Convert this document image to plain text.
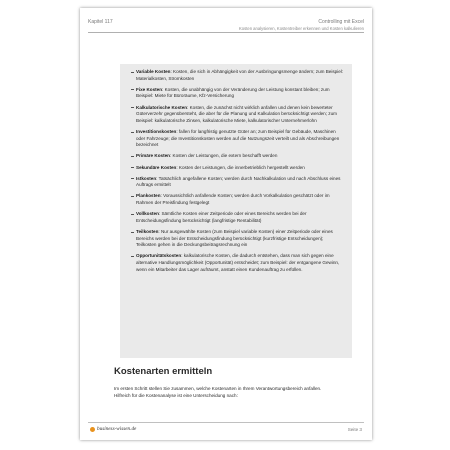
Kapitel 117	Controlling mit Excel
Kosten analysieren, Kostentreiber erkennen und Kosten kalkulieren
Variable Kosten: Kosten, die sich in Abhängigkeit von der Ausbringungsmenge ändern; zum Beispiel: Materialkosten, Stromkosten
Fixe Kosten: Kosten, die unabhängig von der Veränderung der Leistung konstant bleiben; zum Beispiel: Miete für Büroräume, Kfz-Versicherung
Kalkulatorische Kosten: Kosten, die zunächst nicht wirklich anfallen und denen kein bewerteter Güterverzehr gegenübersteht, die aber für die Planung und Kalkulation berücksichtigt werden; zum Beispiel: kalkulatorische Zinsen, kalkulatorische Miete, kalkulatorischer Unternehmerlohn
Investitionskosten: fallen für langfristig genutzte Güter an; zum Beispiel für Gebäude, Maschinen oder Fahrzeuge; die Investitionskosten werden auf die Nutzungszeit verteilt und als Abschreibungen bezeichnet
Primäre Kosten: Kosten der Leistungen, die extern beschafft werden
Sekundäre Kosten: Kosten der Leistungen, die innerbetrieblich hergestellt werden
Istkosten: Tatsächlich angefallene Kosten; werden durch Nachkalkulation und nach Abschluss eines Auftrags ermittelt
Plankosten: Voraussichtlich anfallende Kosten; werden durch Vorkalkulation geschätzt oder im Rahmen der Preisfindung festgelegt
Vollkosten: Sämtliche Kosten einer Zeitperiode oder eines Bereichs werden bei der Entscheidungsfindung berücksichtigt (langfristige Rentabilität)
Teilkosten: Nur ausgewählte Kosten (zum Beispiel variable Kosten) einer Zeitperiode oder eines Bereichs werden bei der Entscheidungsfindung berücksichtigt (kurzfristige Entscheidungen); Teilkosten gehen in die Deckungsbeitragsrechnung ein
Opportunitätskosten: kalkulatorische Kosten, die dadurch entstehen, dass man sich gegen eine alternative Handlungsmöglichkeit (Opportunität) entscheidet; zum Beispiel: der entgangene Gewinn, wenn ein Mitarbeiter das Lager aufräumt, anstatt einen Kundenauftrag zu erfüllen.
Kostenarten ermitteln
Im ersten Schritt stellen Sie zusammen, welche Kostenarten in Ihrem Verantwortungsbereich anfallen. Hilfreich für die Kostenanalyse ist eine Unterscheidung nach:
business-wissen.de	Seite 3
